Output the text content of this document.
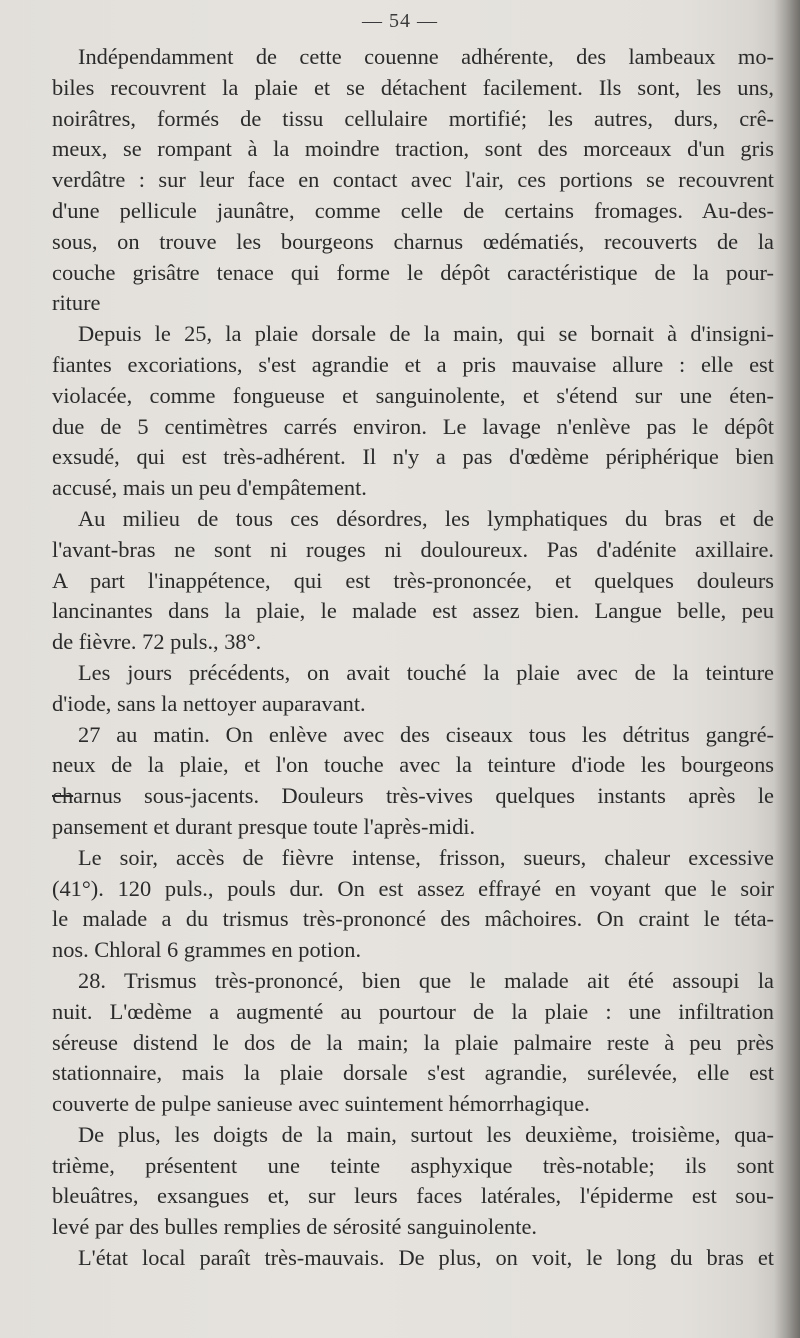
— 54 —
Indépendamment de cette couenne adhérente, des lambeaux mo-
biles recouvrent la plaie et se détachent facilement. Ils sont, les uns,
noirâtres, formés de tissu cellulaire mortifié; les autres, durs, crê-
meux, se rompant à la moindre traction, sont des morceaux d'un gris
verdâtre : sur leur face en contact avec l'air, ces portions se recouvrent
d'une pellicule jaunâtre, comme celle de certains fromages. Au-des-
sous, on trouve les bourgeons charnus œdématiés, recouverts de la
couche grisâtre tenace qui forme le dépôt caractéristique de la pour-
riture
Depuis le 25, la plaie dorsale de la main, qui se bornait à d'insigni-
fiantes excoriations, s'est agrandie et a pris mauvaise allure : elle est
violacée, comme fongueuse et sanguinolente, et s'étend sur une éten-
due de 5 centimètres carrés environ. Le lavage n'enlève pas le dépôt
exsudé, qui est très-adhérent. Il n'y a pas d'œdème périphérique bien
accusé, mais un peu d'empâtement.
Au milieu de tous ces désordres, les lymphatiques du bras et de
l'avant-bras ne sont ni rouges ni douloureux. Pas d'adénite axillaire.
A part l'inappétence, qui est très-prononcée, et quelques douleurs
lancinantes dans la plaie, le malade est assez bien. Langue belle, peu
de fièvre. 72 puls., 38°.
Les jours précédents, on avait touché la plaie avec de la teinture
d'iode, sans la nettoyer auparavant.
27 au matin. On enlève avec des ciseaux tous les détritus gangré-
neux de la plaie, et l'on touche avec la teinture d'iode les bourgeons
charnus sous-jacents. Douleurs très-vives quelques instants après le
pansement et durant presque toute l'après-midi.
Le soir, accès de fièvre intense, frisson, sueurs, chaleur excessive
(41°). 120 puls., pouls dur. On est assez effrayé en voyant que le soir
le malade a du trismus très-prononcé des mâchoires. On craint le téta-
nos. Chloral 6 grammes en potion.
28. Trismus très-prononcé, bien que le malade ait été assoupi la
nuit. L'œdème a augmenté au pourtour de la plaie : une infiltration
séreuse distend le dos de la main; la plaie palmaire reste à peu près
stationnaire, mais la plaie dorsale s'est agrandie, surélevée, elle est
couverte de pulpe sanieuse avec suintement hémorrhagique.
De plus, les doigts de la main, surtout les deuxième, troisième, qua-
trième, présentent une teinte asphyxique très-notable; ils sont
bleuâtres, exsangues et, sur leurs faces latérales, l'épiderme est sou-
levé par des bulles remplies de sérosité sanguinolente.
L'état local paraît très-mauvais. De plus, on voit, le long du bras et
